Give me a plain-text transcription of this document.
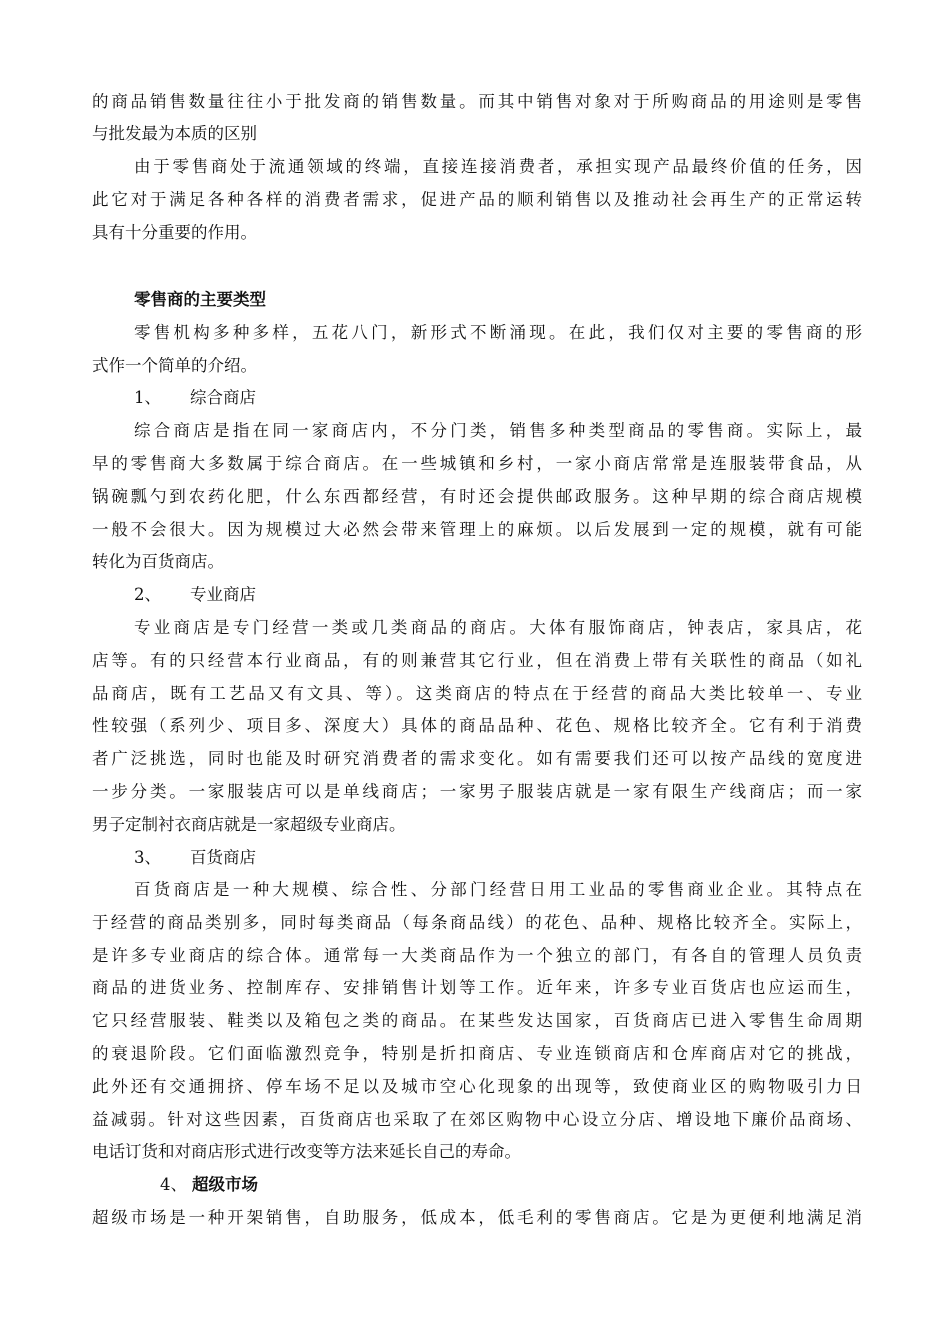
的商品销售数量往往小于批发商的销售数量。而其中销售对象对于所购商品的用途则是零售
与批发最为本质的区别
由于零售商处于流通领域的终端，直接连接消费者，承担实现产品最终价值的任务，因
此它对于满足各种各样的消费者需求，促进产品的顺利销售以及推动社会再生产的正常运转
具有十分重要的作用。
零售商的主要类型
零售机构多种多样，五花八门，新形式不断涌现。在此，我们仅对主要的零售商的形
式作一个简单的介绍。
1、 综合商店
综合商店是指在同一家商店内，不分门类，销售多种类型商品的零售商。实际上，最
早的零售商大多数属于综合商店。在一些城镇和乡村，一家小商店常常是连服装带食品，从
锅碗瓢勺到农药化肥，什么东西都经营，有时还会提供邮政服务。这种早期的综合商店规模
一般不会很大。因为规模过大必然会带来管理上的麻烦。以后发展到一定的规模，就有可能
转化为百货商店。
2、 专业商店
专业商店是专门经营一类或几类商品的商店。大体有服饰商店，钟表店，家具店，花
店等。有的只经营本行业商品，有的则兼营其它行业，但在消费上带有关联性的商品（如礼
品商店，既有工艺品又有文具、等）。这类商店的特点在于经营的商品大类比较单一、专业
性较强（系列少、项目多、深度大）具体的商品品种、花色、规格比较齐全。它有利于消费
者广泛挑选，同时也能及时研究消费者的需求变化。如有需要我们还可以按产品线的宽度进
一步分类。一家服装店可以是单线商店；一家男子服装店就是一家有限生产线商店；而一家
男子定制衬衣商店就是一家超级专业商店。
3、 百货商店
百货商店是一种大规模、综合性、分部门经营日用工业品的零售商业企业。其特点在
于经营的商品类别多，同时每类商品（每条商品线）的花色、品种、规格比较齐全。实际上，
是许多专业商店的综合体。通常每一大类商品作为一个独立的部门，有各自的管理人员负责
商品的进货业务、控制库存、安排销售计划等工作。近年来，许多专业百货店也应运而生，
它只经营服装、鞋类以及箱包之类的商品。在某些发达国家，百货商店已进入零售生命周期
的衰退阶段。它们面临激烈竞争，特别是折扣商店、专业连锁商店和仓库商店对它的挑战，
此外还有交通拥挤、停车场不足以及城市空心化现象的出现等，致使商业区的购物吸引力日
益减弱。针对这些因素，百货商店也采取了在郊区购物中心设立分店、增设地下廉价品商场、
电话订货和对商店形式进行改变等方法来延长自己的寿命。
4、 超级市场
超级市场是一种开架销售，自助服务，低成本，低毛利的零售商店。它是为更便利地满足消
